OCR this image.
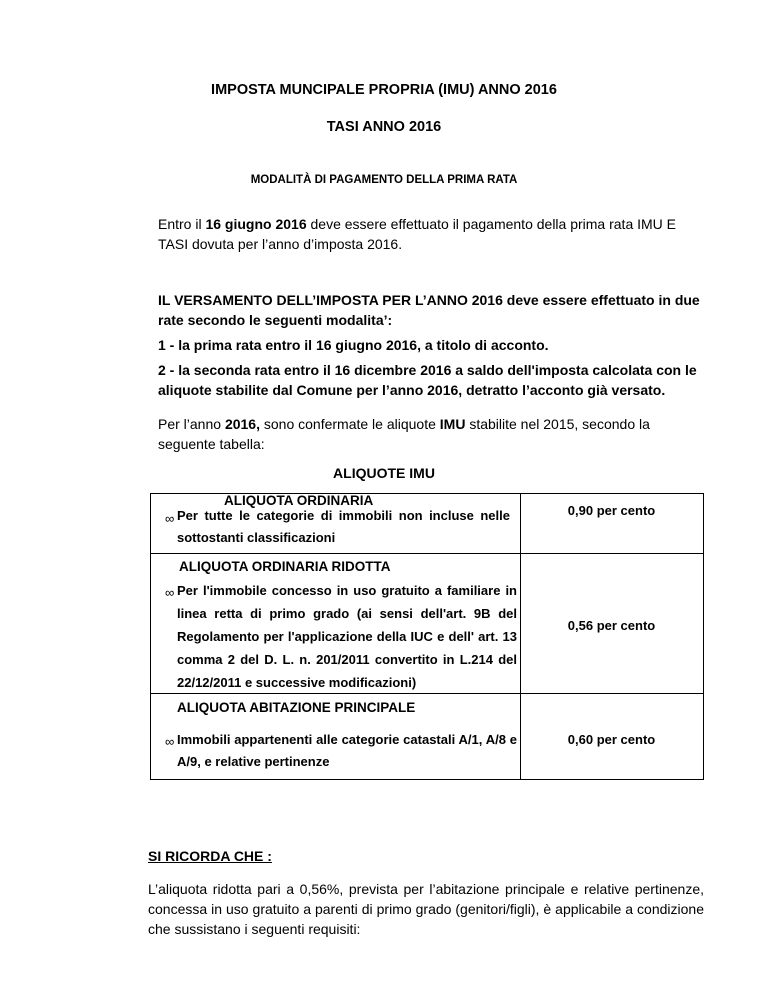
IMPOSTA MUNCIPALE PROPRIA (IMU) ANNO 2016
TASI ANNO 2016
MODALITÀ DI PAGAMENTO DELLA PRIMA RATA
Entro il 16 giugno 2016 deve essere effettuato il pagamento della prima rata IMU E TASI dovuta per l’anno d’imposta 2016.
IL VERSAMENTO DELL’IMPOSTA PER L’ANNO 2016 deve essere effettuato in due rate secondo le seguenti modalita’:
1 - la prima rata entro il 16 giugno 2016, a titolo di acconto.
2 - la seconda rata entro il 16 dicembre 2016 a saldo dell'imposta calcolata con le aliquote stabilite dal Comune per l’anno 2016, detratto l’acconto già versato.
Per l’anno 2016, sono confermate le aliquote IMU stabilite nel 2015, secondo la seguente tabella:
ALIQUOTE IMU
ALIQUOTA ORDINARIA
∞ Per tutte le categorie di immobili non incluse nelle sottostanti classificazioni
0,90 per cento
ALIQUOTA ORDINARIA RIDOTTA
∞ Per l'immobile concesso in uso gratuito a familiare in linea retta di primo grado (ai sensi dell'art. 9B del Regolamento per l'applicazione della IUC e dell' art. 13 comma 2 del D. L. n. 201/2011 convertito in L.214 del 22/12/2011 e successive modificazioni)
0,56 per cento
ALIQUOTA ABITAZIONE PRINCIPALE
∞ Immobili appartenenti alle categorie catastali A/1, A/8 e A/9, e relative pertinenze
0,60 per cento
SI RICORDA CHE :
L’aliquota ridotta pari a 0,56%, prevista per l’abitazione principale e relative pertinenze, concessa in uso gratuito a parenti di primo grado (genitori/figli), è applicabile a condizione che sussistano i seguenti requisiti:
